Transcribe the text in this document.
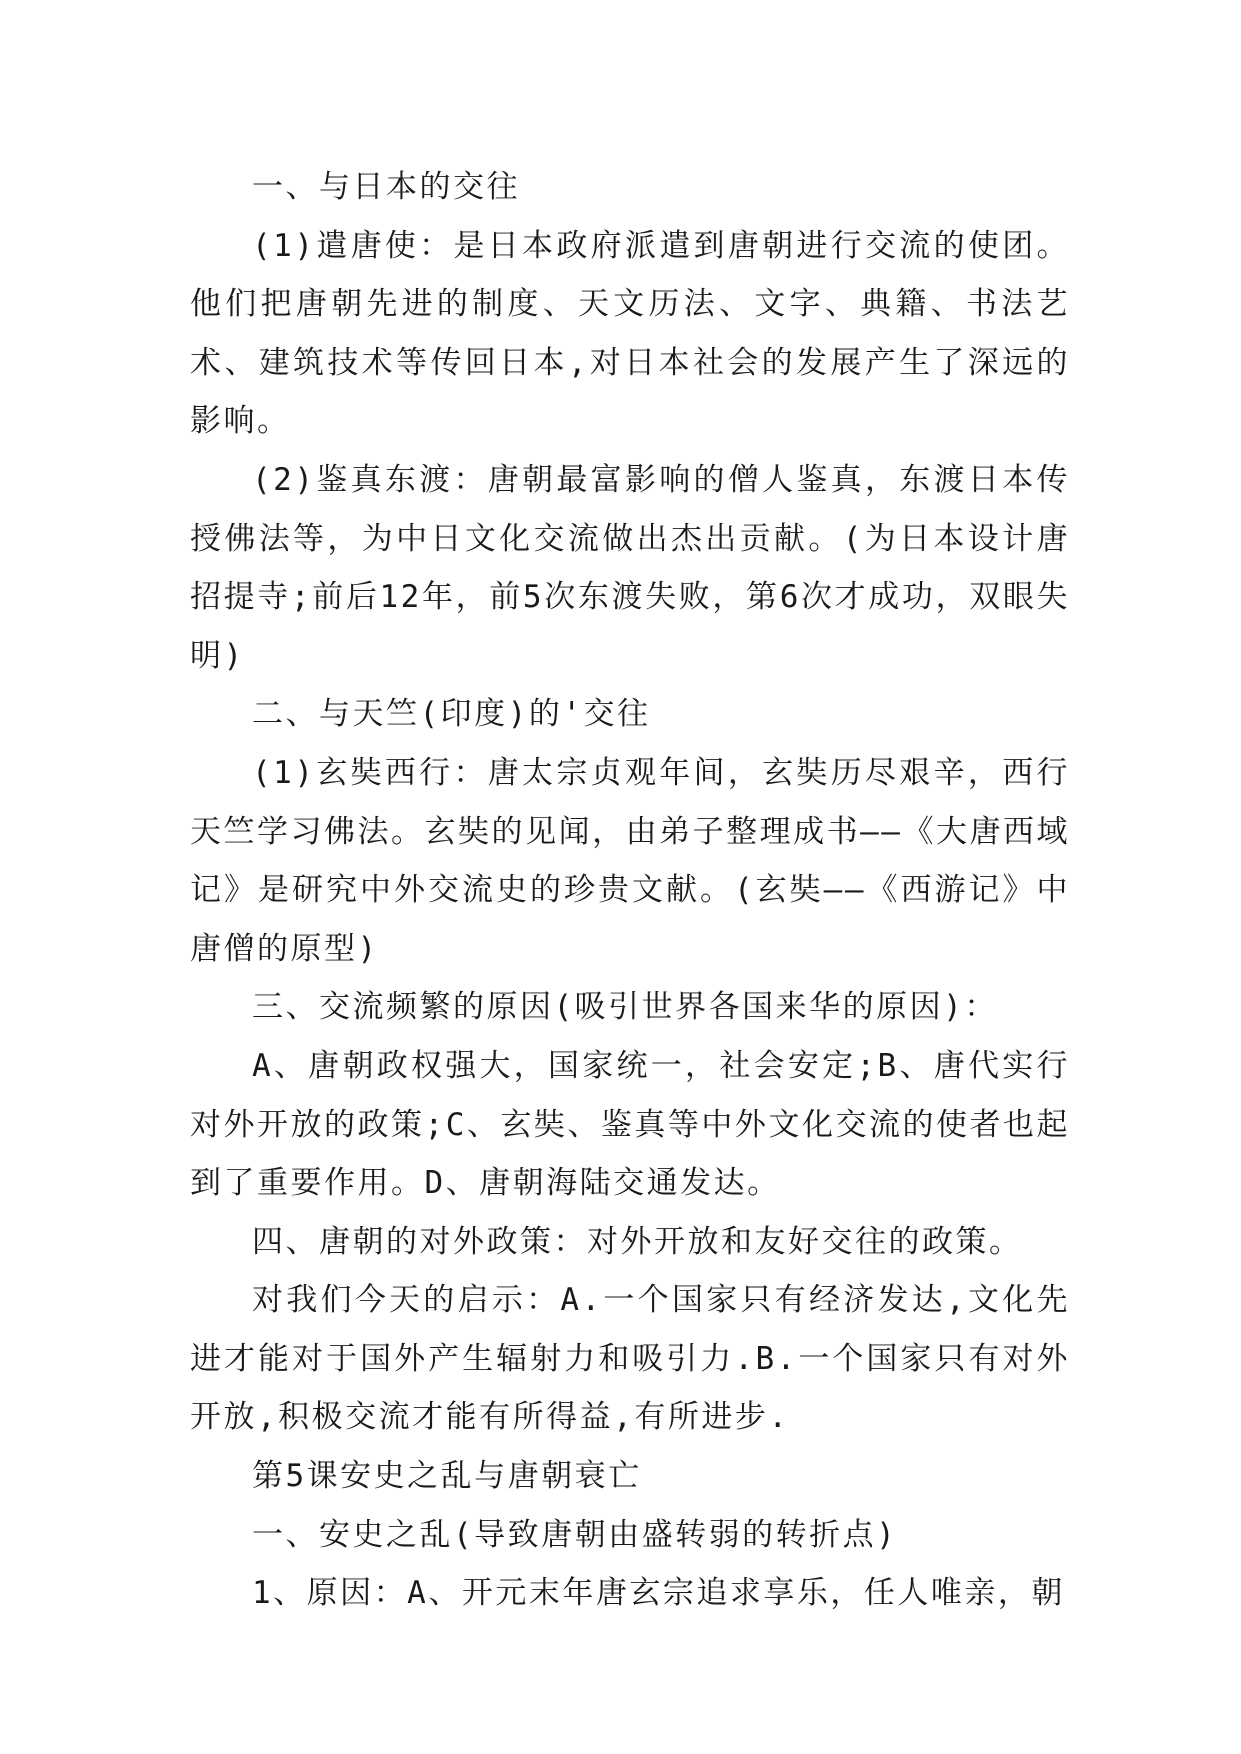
一、与日本的交往

(1)遣唐使：是日本政府派遣到唐朝进行交流的使团。他们把唐朝先进的制度、天文历法、文字、典籍、书法艺术、建筑技术等传回日本,对日本社会的发展产生了深远的影响。

(2)鉴真东渡：唐朝最富影响的僧人鉴真，东渡日本传授佛法等，为中日文化交流做出杰出贡献。(为日本设计唐招提寺;前后12年，前5次东渡失败，第6次才成功，双眼失明)

二、与天竺(印度)的'交往

(1)玄奘西行：唐太宗贞观年间，玄奘历尽艰辛，西行天竺学习佛法。玄奘的见闻，由弟子整理成书——《大唐西域记》是研究中外交流史的珍贵文献。(玄奘——《西游记》中唐僧的原型)

三、交流频繁的原因(吸引世界各国来华的原因)：

A、唐朝政权强大，国家统一，社会安定;B、唐代实行对外开放的政策;C、玄奘、鉴真等中外文化交流的使者也起到了重要作用。D、唐朝海陆交通发达。

四、唐朝的对外政策：对外开放和友好交往的政策。

对我们今天的启示：A.一个国家只有经济发达,文化先进才能对于国外产生辐射力和吸引力.B.一个国家只有对外开放,积极交流才能有所得益,有所进步.

第5课安史之乱与唐朝衰亡

一、安史之乱(导致唐朝由盛转弱的转折点)

1、原因：A、开元末年唐玄宗追求享乐，任人唯亲，朝
